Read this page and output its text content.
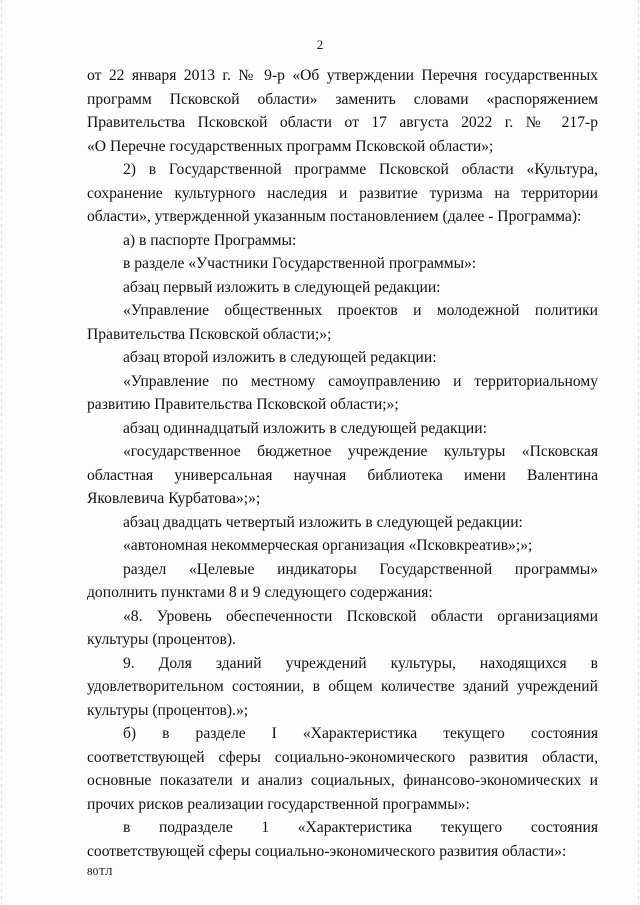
2
от 22 января 2013 г. № 9-р «Об утверждении Перечня государственных
программ Псковской области» заменить словами «распоряжением
Правительства Псковской области от 17 августа 2022 г. № 217-р
«О Перечне государственных программ Псковской области»;
2) в Государственной программе Псковской области «Культура,
сохранение культурного наследия и развитие туризма на территории
области», утвержденной указанным постановлением (далее - Программа):
а) в паспорте Программы:
в разделе «Участники Государственной программы»:
абзац первый изложить в следующей редакции:
«Управление общественных проектов и молодежной политики
Правительства Псковской области;»;
абзац второй изложить в следующей редакции:
«Управление по местному самоуправлению и территориальному
развитию Правительства Псковской области;»;
абзац одиннадцатый изложить в следующей редакции:
«государственное бюджетное учреждение культуры «Псковская
областная универсальная научная библиотека имени Валентина
Яковлевича Курбатова»;»;
абзац двадцать четвертый изложить в следующей редакции:
«автономная некоммерческая организация «Псковкреатив»;»;
раздел «Целевые индикаторы Государственной программы»
дополнить пунктами 8 и 9 следующего содержания:
«8. Уровень обеспеченности Псковской области организациями
культуры (процентов).
9. Доля зданий учреждений культуры, находящихся в
удовлетворительном состоянии, в общем количестве зданий учреждений
культуры (процентов).»;
б) в разделе I «Характеристика текущего состояния
соответствующей сферы социально-экономического развития области,
основные показатели и анализ социальных, финансово-экономических и
прочих рисков реализации государственной программы»:
в подразделе 1 «Характеристика текущего состояния
соответствующей сферы социально-экономического развития области»:
80ТЛ
